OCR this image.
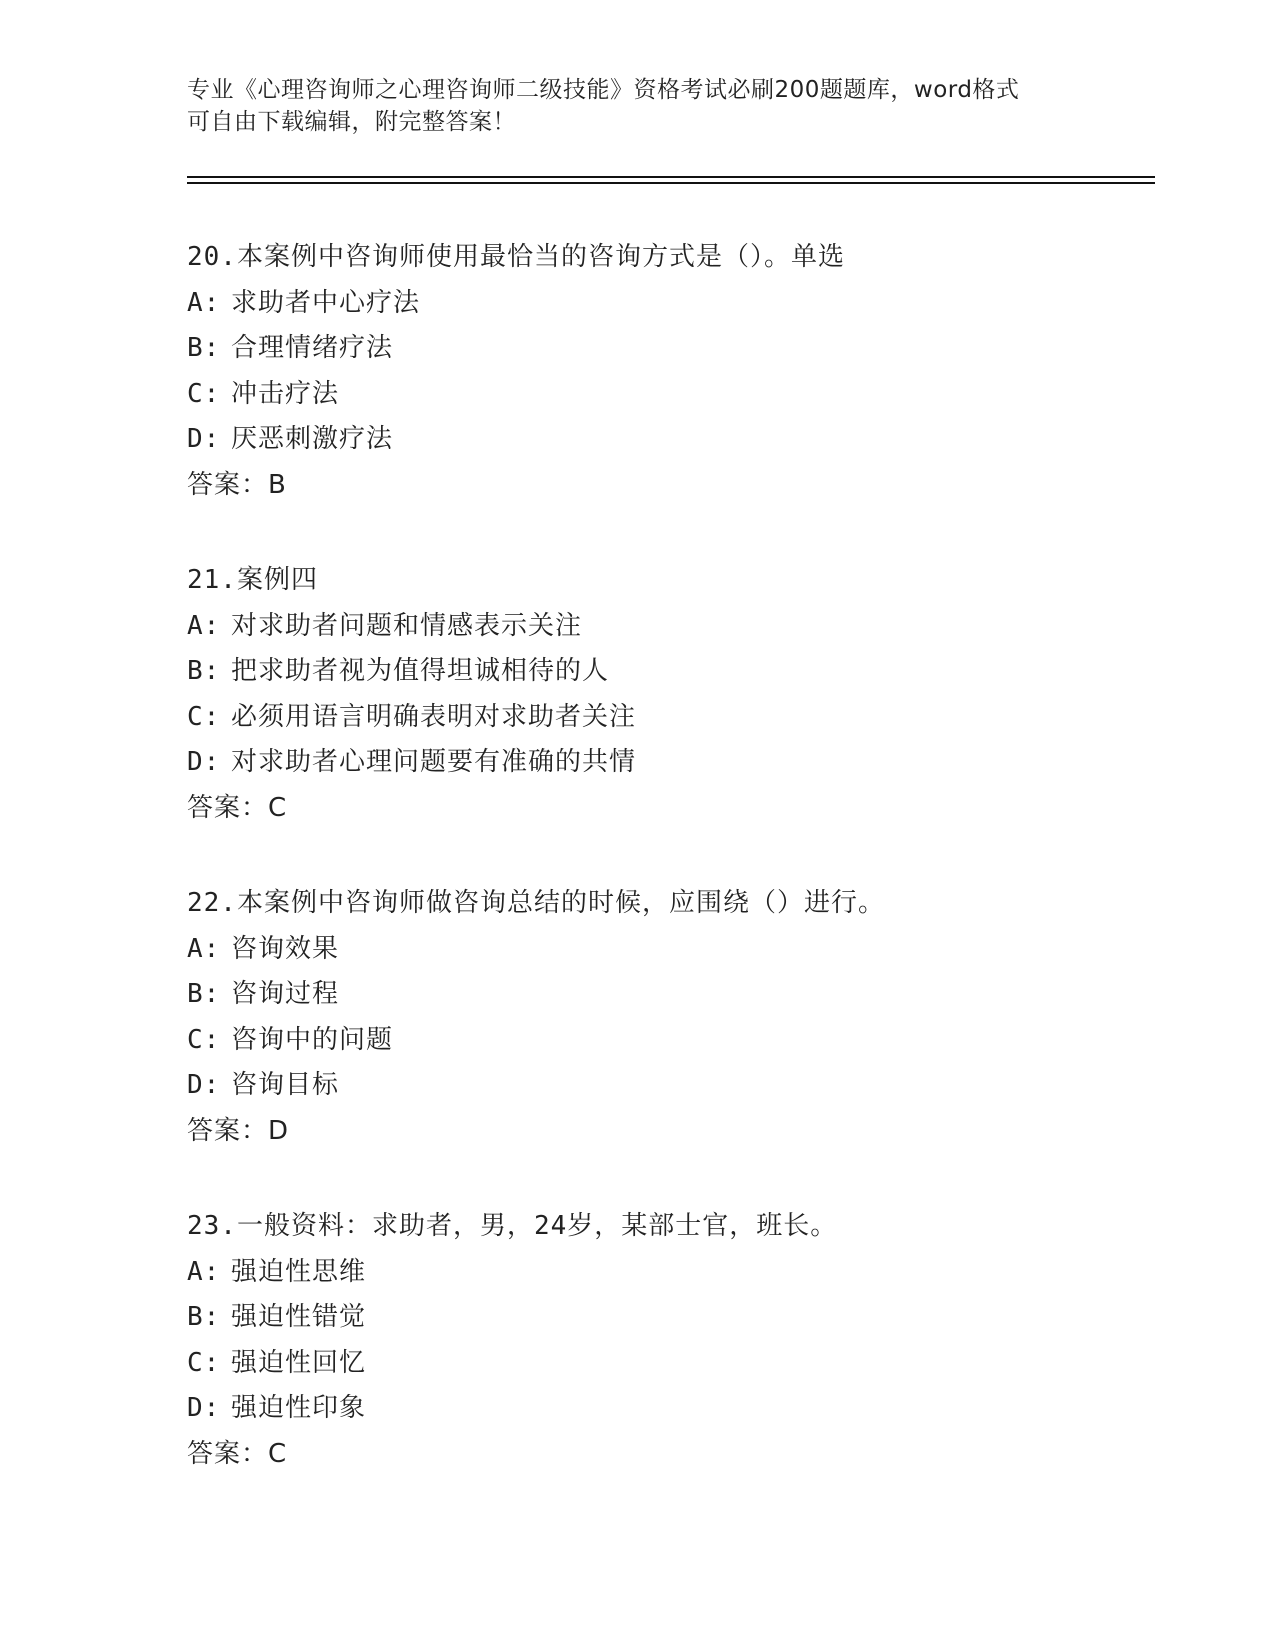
专业《心理咨询师之心理咨询师二级技能》资格考试必刷200题题库，word格式
可自由下载编辑，附完整答案！
20.本案例中咨询师使用最恰当的咨询方式是（）。单选
A: 求助者中心疗法
B: 合理情绪疗法
C: 冲击疗法
D: 厌恶刺激疗法
答案：B
21.案例四
A: 对求助者问题和情感表示关注
B: 把求助者视为值得坦诚相待的人
C: 必须用语言明确表明对求助者关注
D: 对求助者心理问题要有准确的共情
答案：C
22.本案例中咨询师做咨询总结的时候，应围绕（）进行。
A: 咨询效果
B: 咨询过程
C: 咨询中的问题
D: 咨询目标
答案：D
23.一般资料：求助者，男，24岁，某部士官，班长。
A: 强迫性思维
B: 强迫性错觉
C: 强迫性回忆
D: 强迫性印象
答案：C
